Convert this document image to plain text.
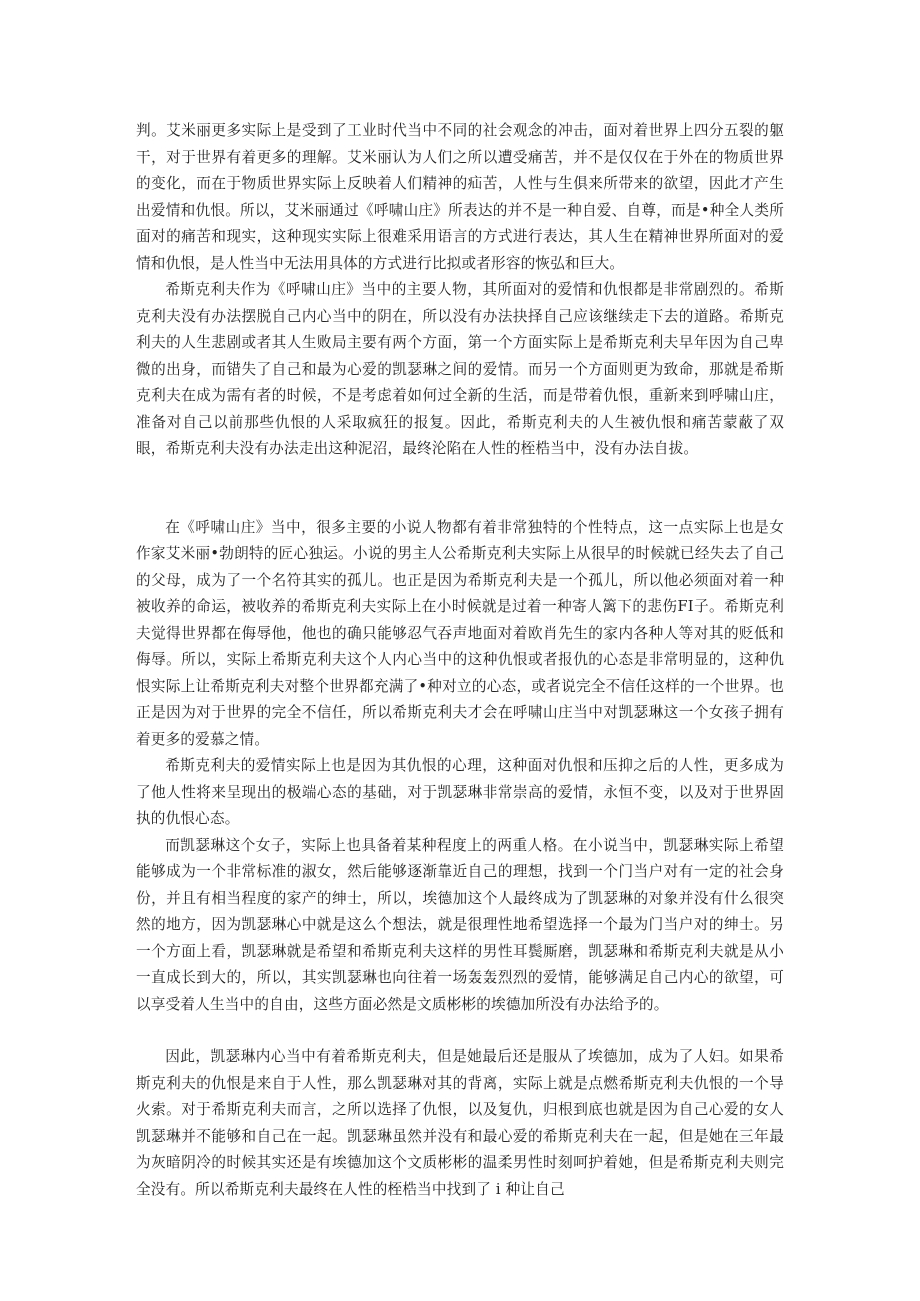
判。艾米丽更多实际上是受到了工业时代当中不同的社会观念的冲击，面对着世界上四分五裂的躯干，对于世界有着更多的理解。艾米丽认为人们之所以遭受痛苦，并不是仅仅在于外在的物质世界的变化，而在于物质世界实际上反映着人们精神的疝苦，人性与生俱来所带来的欲望，因此才产生出爱情和仇恨。所以，艾米丽通过《呼啸山庄》所表达的并不是一种自爱、自尊，而是•种全人类所面对的痛苦和现实，这种现实实际上很难采用语言的方式进行表达，其人生在精神世界所面对的爱情和仇恨，是人性当中无法用具体的方式进行比拟或者形容的恢弘和巨大。

希斯克利夫作为《呼啸山庄》当中的主要人物，其所面对的爱情和仇恨都是非常剧烈的。希斯克利夫没有办法摆脱自己内心当中的阴在，所以没有办法抉择自己应该继续走下去的道路。希斯克利夫的人生悲剧或者其人生败局主要有两个方面，第一个方面实际上是希斯克利夫早年因为自己卑微的出身，而错失了自己和最为心爱的凯瑟琳之间的爱情。而另一个方面则更为致命，那就是希斯克利夫在成为需有者的时候，不是考虑着如何过全新的生活，而是带着仇恨，重新来到呼啸山庄，准备对自己以前那些仇恨的人采取疯狂的报复。因此，希斯克利夫的人生被仇恨和痛苦蒙蔽了双眼，希斯克利夫没有办法走出这种泥沼，最终沦陷在人性的桎梏当中，没有办法自拔。

在《呼啸山庄》当中，很多主要的小说人物都有着非常独特的个性特点，这一点实际上也是女作家艾米丽•勃朗特的匠心独运。小说的男主人公希斯克利夫实际上从很早的时候就已经失去了自己的父母，成为了一个名符其实的孤儿。也正是因为希斯克利夫是一个孤儿，所以他必须面对着一种被收养的命运，被收养的希斯克利夫实际上在小时候就是过着一种寄人篱下的悲伤FI子。希斯克利夫觉得世界都在侮辱他，他也的确只能够忍气吞声地面对着欧肖先生的家内各种人等对其的贬低和侮辱。所以，实际上希斯克利夫这个人内心当中的这种仇恨或者报仇的心态是非常明显的，这种仇恨实际上让希斯克利夫对整个世界都充满了•种对立的心态，或者说完全不信任这样的一个世界。也正是因为对于世界的完全不信任，所以希斯克利夫才会在呼啸山庄当中对凯瑟琳这一个女孩子拥有着更多的爱慕之情。

希斯克利夫的爱情实际上也是因为其仇恨的心理，这种面对仇恨和压抑之后的人性，更多成为了他人性将来呈现出的极端心态的基础，对于凯瑟琳非常崇高的爱情，永恒不变，以及对于世界固执的仇恨心态。

而凯瑟琳这个女子，实际上也具备着某种程度上的两重人格。在小说当中，凯瑟琳实际上希望能够成为一个非常标准的淑女，然后能够逐渐靠近自己的理想，找到一个门当户对有一定的社会身份，并且有相当程度的家产的绅士，所以，埃德加这个人最终成为了凯瑟琳的对象并没有什么很突然的地方，因为凯瑟琳心中就是这么个想法，就是很理性地希望选择一个最为门当户对的绅士。另一个方面上看，凯瑟琳就是希望和希斯克利夫这样的男性耳鬓厮磨，凯瑟琳和希斯克利夫就是从小一直成长到大的，所以，其实凯瑟琳也向往着一场轰轰烈烈的爱情，能够满足自己内心的欲望，可以享受着人生当中的自由，这些方面必然是文质彬彬的埃德加所没有办法给予的。

因此，凯瑟琳内心当中有着希斯克利夫，但是她最后还是服从了埃德加，成为了人妇。如果希斯克利夫的仇恨是来自于人性，那么凯瑟琳对其的背离，实际上就是点燃希斯克利夫仇恨的一个导火索。对于希斯克利夫而言，之所以选择了仇恨，以及复仇，归根到底也就是因为自己心爱的女人凯瑟琳并不能够和自己在一起。凯瑟琳虽然并没有和最心爱的希斯克利夫在一起，但是她在三年最为灰暗阴冷的时候其实还是有埃德加这个文质彬彬的温柔男性时刻呵护着她，但是希斯克利夫则完全没有。所以希斯克利夫最终在人性的桎梏当中找到了 i 种让自己
